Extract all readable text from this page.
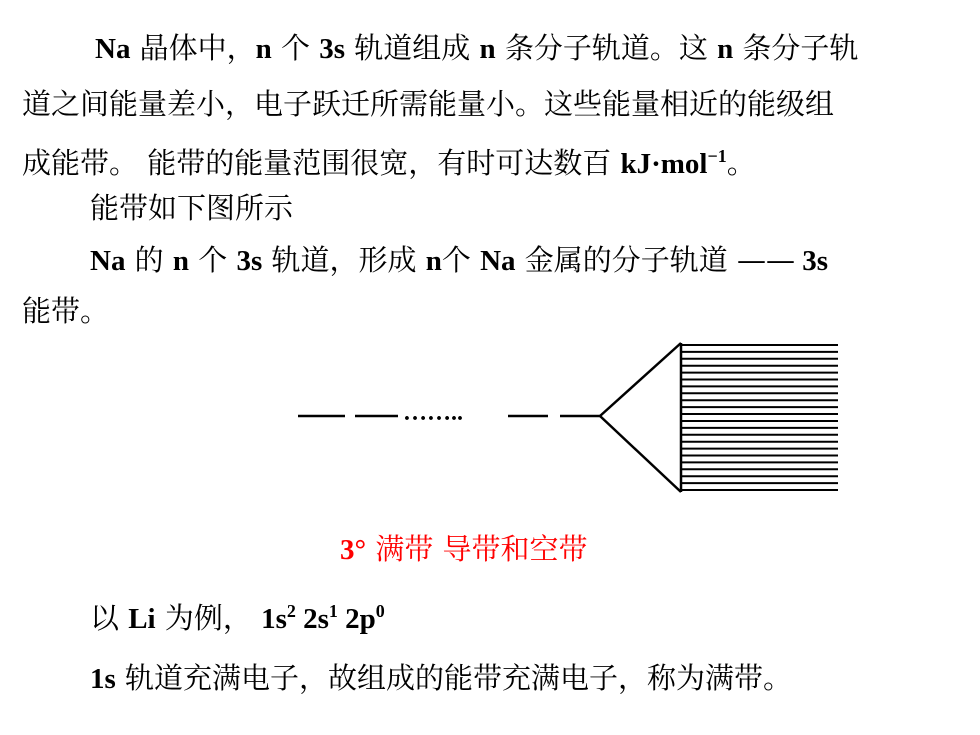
Na 晶体中，n 个 3s 轨道组成 n 条分子轨道。这 n 条分子轨
道之间能量差小，电子跃迁所需能量小。这些能量相近的能级组
成能带。 能带的能量范围很宽，有时可达数百 kJ·mol$^{-1}$。
能带如下图所示
Na 的 n 个 3s 轨道，形成 n个 Na 金属的分子轨道 —— 3s
能带。
……..
3° 满带 导带和空带
以 Li 为例， $1s^2$ $2s^1$ $2p^0$
1s 轨道充满电子，故组成的能带充满电子，称为满带。
